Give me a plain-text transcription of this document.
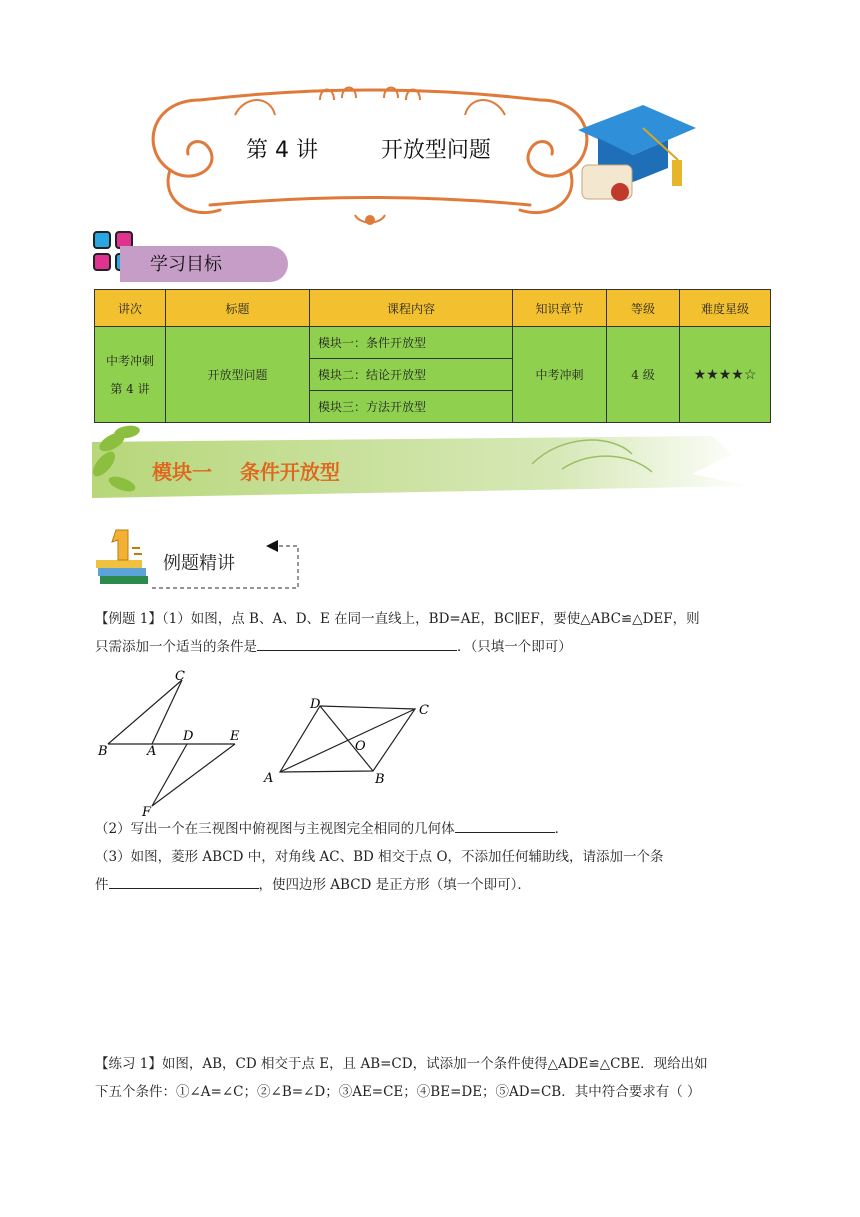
第 4 讲         开放型问题
学习目标
讲次	标题	课程内容	知识章节	等级	难度星级

中考冲刺
第 4 讲	开放型问题	模块一：条件开放型	中考冲刺	4 级	★★★★☆
		模块二：结论开放型			
		模块三：方法开放型			
模块一    条件开放型
例题精讲
【例题 1】（1）如图，点 B、A、D、E 在同一直线上，BD=AE，BC∥EF，要使△ABC≌△DEF，则
只需添加一个适当的条件是	．（只填一个即可）
C
B	A
D	E
F
D	C
O
A	B
（2）写出一个在三视图中俯视图与主视图完全相同的几何体	．
（3）如图，菱形 ABCD 中，对角线 AC、BD 相交于点 O，不添加任何辅助线，请添加一个条
件	，使四边形 ABCD 是正方形（填一个即可）．
【练习 1】如图，AB，CD 相交于点 E，且 AB=CD，试添加一个条件使得△ADE≌△CBE．现给出如
下五个条件：①∠A=∠C；②∠B=∠D；③AE=CE；④BE=DE；⑤AD=CB．其中符合要求有（ ）
